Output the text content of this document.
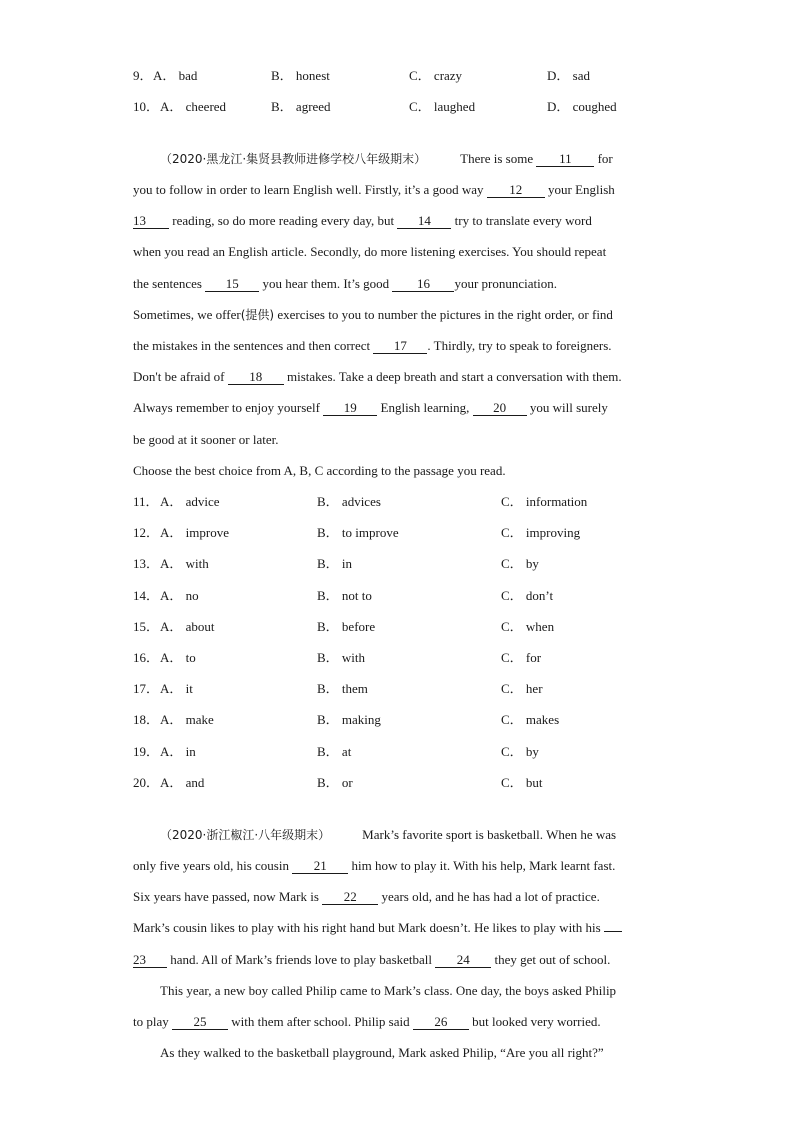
9． A． bad	B． honest	C． crazy	D． sad
10． A． cheered	B． agreed	C． laughed	D． coughed
（2020·黑龙江·集贤县教师进修学校八年级期末）	There is some 11 for
you to follow in order to learn English well. Firstly, it’s a good way 12 your English
13 reading, so do more reading every day, but 14 try to translate every word
when you read an English article. Secondly, do more listening exercises. You should repeat
the sentences 15 you hear them. It’s good 16 your pronunciation.
Sometimes, we offer(提供) exercises to you to number the pictures in the right order, or find
the mistakes in the sentences and then correct 17 . Thirdly, try to speak to foreigners.
Don't be afraid of 18 mistakes. Take a deep breath and start a conversation with them.
Always remember to enjoy yourself 19 English learning, 20 you will surely
be good at it sooner or later.
Choose the best choice from A, B, C according to the passage you read.
11． A． advice	B． advices	C． information
12． A． improve	B． to improve	C． improving
13． A． with	B． in	C． by
14． A． no	B． not to	C． don’t
15． A． about	B． before	C． when
16． A． to	B． with	C． for
17． A． it	B． them	C． her
18． A． make	B． making	C． makes
19． A． in	B． at	C． by
20． A． and	B． or	C． but
（2020·浙江椒江·八年级期末） Mark’s favorite sport is basketball. When he was
only five years old, his cousin 21 him how to play it. With his help, Mark learnt fast.
Six years have passed, now Mark is 22 years old, and he has had a lot of practice.
Mark’s cousin likes to play with his right hand but Mark doesn’t. He likes to play with his
23 hand. All of Mark’s friends love to play basketball 24 they get out of school.
This year, a new boy called Philip came to Mark’s class. One day, the boys asked Philip
to play 25 with them after school. Philip said 26 but looked very worried.
As they walked to the basketball playground, Mark asked Philip, “Are you all right?”
